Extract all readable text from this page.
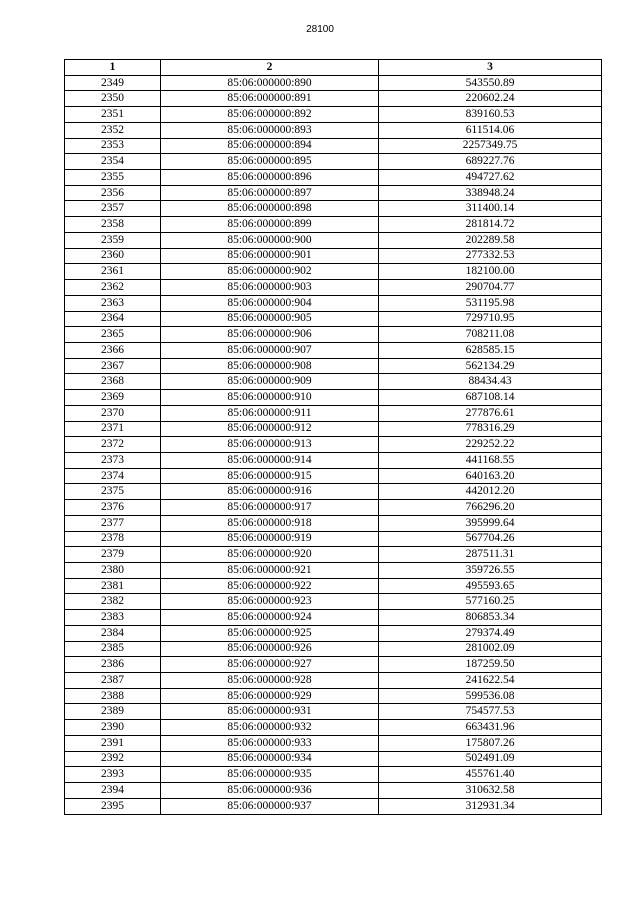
28100
1	2	3
2349	85:06:000000:890	543550.89
2350	85:06:000000:891	220602.24
2351	85:06:000000:892	839160.53
2352	85:06:000000:893	611514.06
2353	85:06:000000:894	2257349.75
2354	85:06:000000:895	689227.76
2355	85:06:000000:896	494727.62
2356	85:06:000000:897	338948.24
2357	85:06:000000:898	311400.14
2358	85:06:000000:899	281814.72
2359	85:06:000000:900	202289.58
2360	85:06:000000:901	277332.53
2361	85:06:000000:902	182100.00
2362	85:06:000000:903	290704.77
2363	85:06:000000:904	531195.98
2364	85:06:000000:905	729710.95
2365	85:06:000000:906	708211.08
2366	85:06:000000:907	628585.15
2367	85:06:000000:908	562134.29
2368	85:06:000000:909	88434.43
2369	85:06:000000:910	687108.14
2370	85:06:000000:911	277876.61
2371	85:06:000000:912	778316.29
2372	85:06:000000:913	229252.22
2373	85:06:000000:914	441168.55
2374	85:06:000000:915	640163.20
2375	85:06:000000:916	442012.20
2376	85:06:000000:917	766296.20
2377	85:06:000000:918	395999.64
2378	85:06:000000:919	567704.26
2379	85:06:000000:920	287511.31
2380	85:06:000000:921	359726.55
2381	85:06:000000:922	495593.65
2382	85:06:000000:923	577160.25
2383	85:06:000000:924	806853.34
2384	85:06:000000:925	279374.49
2385	85:06:000000:926	281002.09
2386	85:06:000000:927	187259.50
2387	85:06:000000:928	241622.54
2388	85:06:000000:929	599536.08
2389	85:06:000000:931	754577.53
2390	85:06:000000:932	663431.96
2391	85:06:000000:933	175807.26
2392	85:06:000000:934	502491.09
2393	85:06:000000:935	455761.40
2394	85:06:000000:936	310632.58
2395	85:06:000000:937	312931.34
